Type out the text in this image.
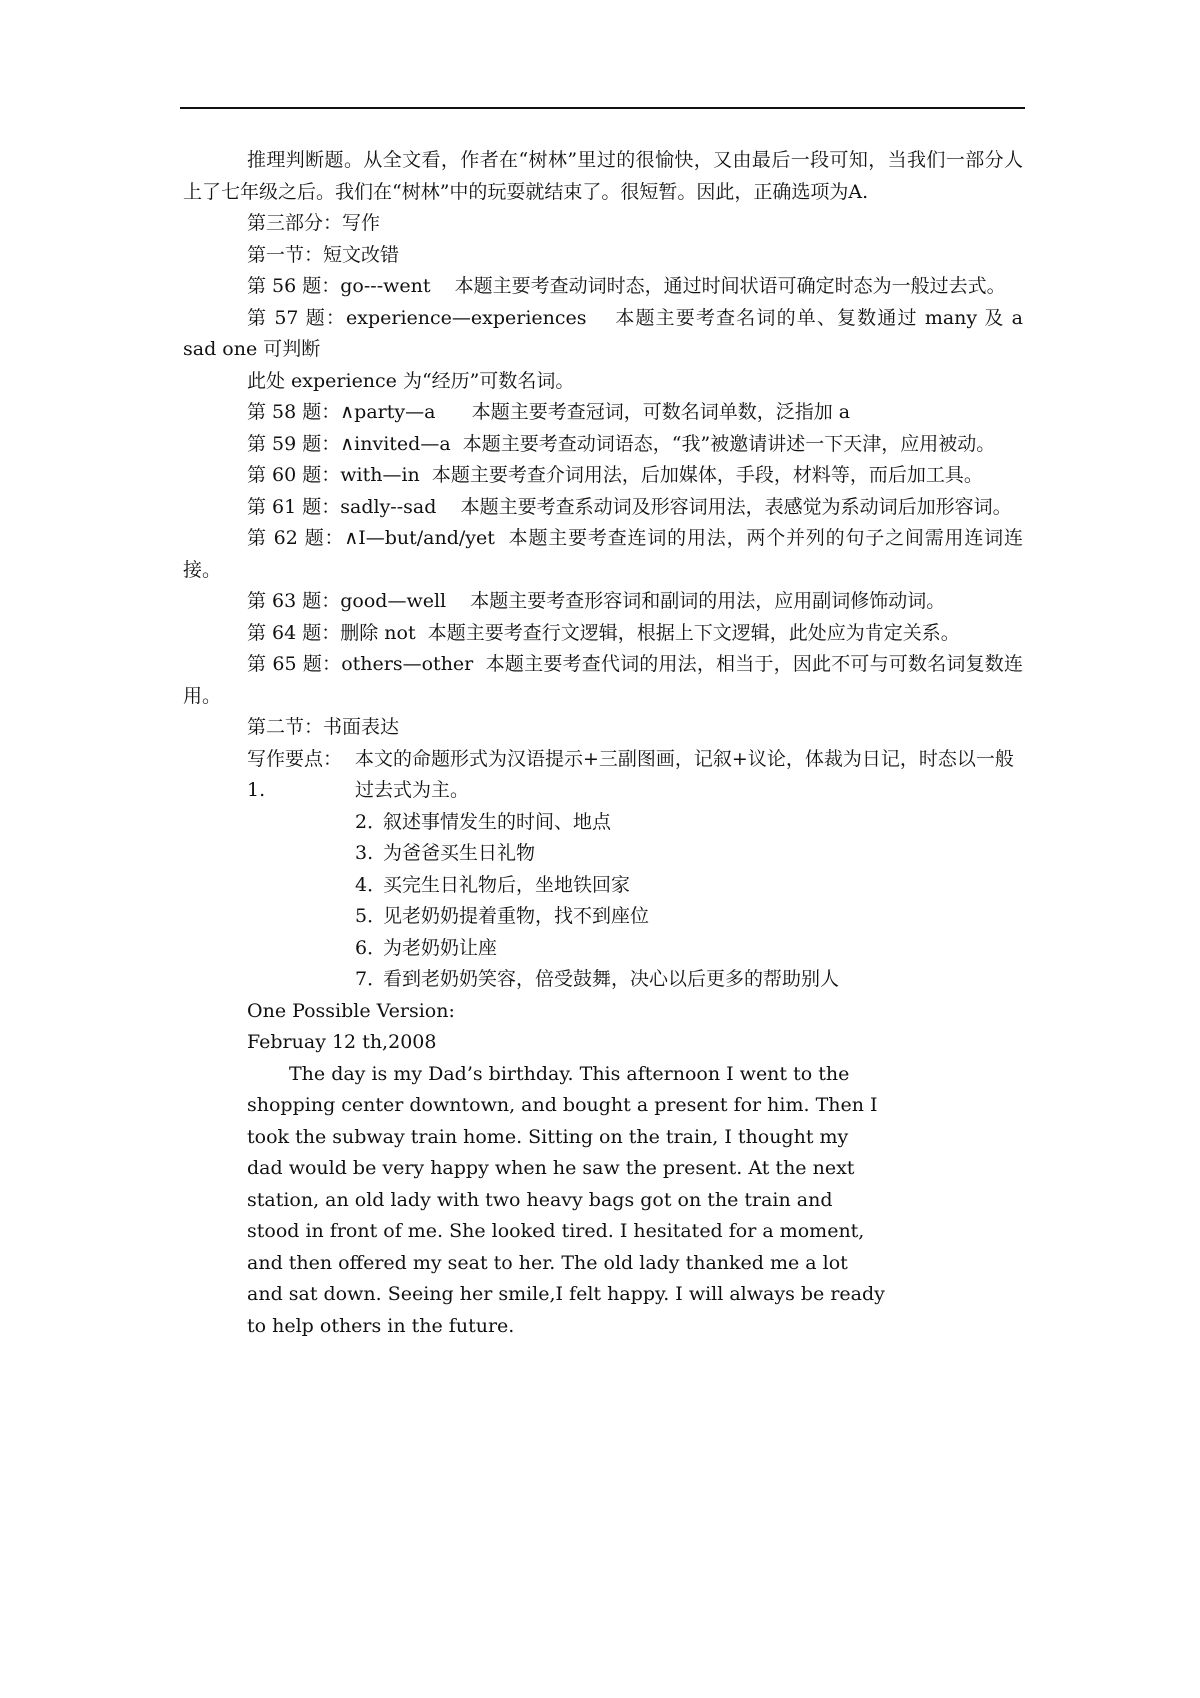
推理判断题。从全文看，作者在“树林”里过的很愉快，又由最后一段可知，当我们一部分人上了七年级之后。我们在“树林”中的玩耍就结束了。很短暂。因此，正确选项为A.

第三部分：写作

第一节：短文改错

第 56 题：go---went 本题主要考查动词时态，通过时间状语可确定时态为一般过去式。

第 57 题：experience—experiences 本题主要考查名词的单、复数通过 many 及 a sad one 可判断

此处 experience 为“经历”可数名词。

第 58 题：∧party—a 本题主要考查冠词，可数名词单数，泛指加 a

第 59 题：∧invited—a 本题主要考查动词语态，“我”被邀请讲述一下天津，应用被动。

第 60 题：with—in 本题主要考查介词用法，后加媒体，手段，材料等，而后加工具。

第 61 题：sadly--sad 本题主要考查系动词及形容词用法，表感觉为系动词后加形容词。

第 62 题：∧I—but/and/yet 本题主要考查连词的用法，两个并列的句子之间需用连词连接。

第 63 题：good—well 本题主要考查形容词和副词的用法，应用副词修饰动词。

第 64 题：删除 not 本题主要考查行文逻辑，根据上下文逻辑，此处应为肯定关系。

第 65 题：others—other 本题主要考查代词的用法，相当于，因此不可与可数名词复数连用。

第二节：书面表达

写作要点：1.本文的命题形式为汉语提示+三副图画，记叙+议论，体裁为日记，时态以一般过去式为主。

2．叙述事情发生的时间、地点

3. 为爸爸买生日礼物

4．买完生日礼物后，坐地铁回家

5．见老奶奶提着重物，找不到座位

6．为老奶奶让座

7．看到老奶奶笑容，倍受鼓舞，决心以后更多的帮助别人

One Possible Version:

Februay 12 th,2008

The day is my Dad’s birthday. This afternoon I went to the shopping center downtown, and bought a present for him. Then I took the subway train home. Sitting on the train, I thought my dad would be very happy when he saw the present. At the next station, an old lady with two heavy bags got on the train and stood in front of me. She looked tired. I hesitated for a moment, and then offered my seat to her. The old lady thanked me a lot and sat down. Seeing her smile,I felt happy. I will always be ready to help others in the future.
